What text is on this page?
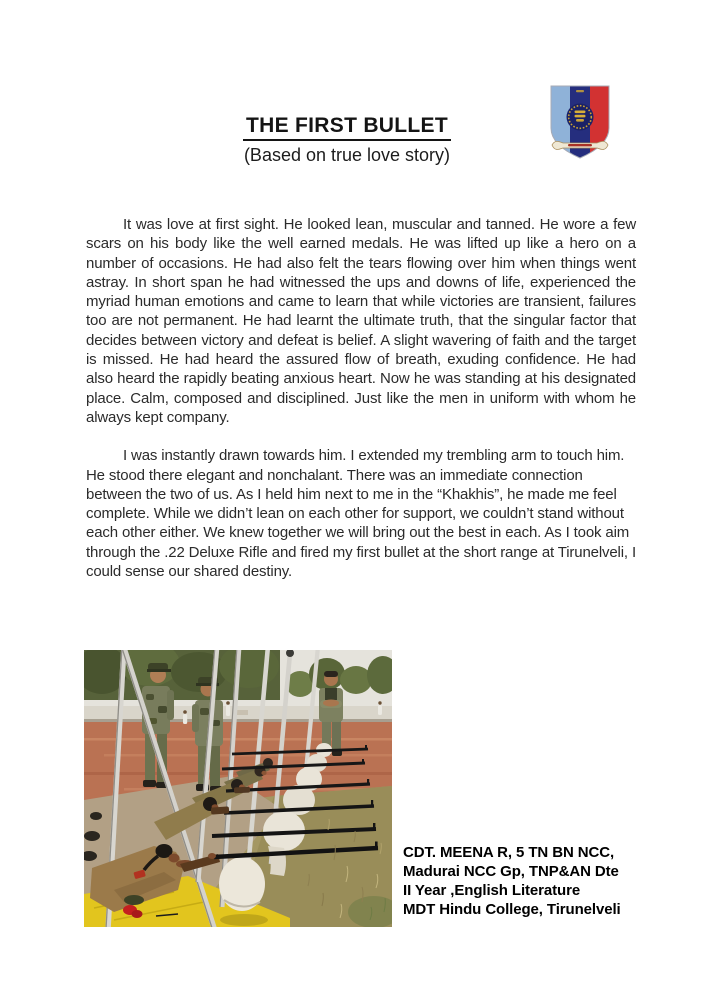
THE FIRST BULLET
(Based on true love story)

It was love at first sight. He looked lean, muscular and tanned. He wore a few scars on his body like the well earned medals. He was lifted up like a hero on a number of occasions. He had also felt the tears flowing over him when things went astray. In short span he had witnessed the ups and downs of life, experienced the myriad human emotions and came to learn that while victories are transient, failures too are not permanent. He had learnt the ultimate truth, that the singular factor that decides between victory and defeat is belief. A slight wavering of faith and the target is missed. He had heard the assured flow of breath, exuding confidence. He had also heard the rapidly beating anxious heart. Now he was standing at his designated place. Calm, composed and disciplined. Just like the men in uniform with whom he always kept company.

I was instantly drawn towards him. I extended my trembling arm to touch him. He stood there elegant and nonchalant. There was an immediate connection between the two of us. As I held him next to me in the “Khakhis”, he made me feel complete. While we didn’t lean on each other for support, we couldn’t stand without each other either. We knew together we will bring out the best in each. As I took aim through the .22 Deluxe Rifle and fired my first bullet at the short range at Tirunelveli, I could sense our shared destiny.

CDT. MEENA R, 5 TN BN NCC,
Madurai NCC Gp, TNP&AN Dte
II Year ,English Literature
MDT Hindu College, Tirunelveli
